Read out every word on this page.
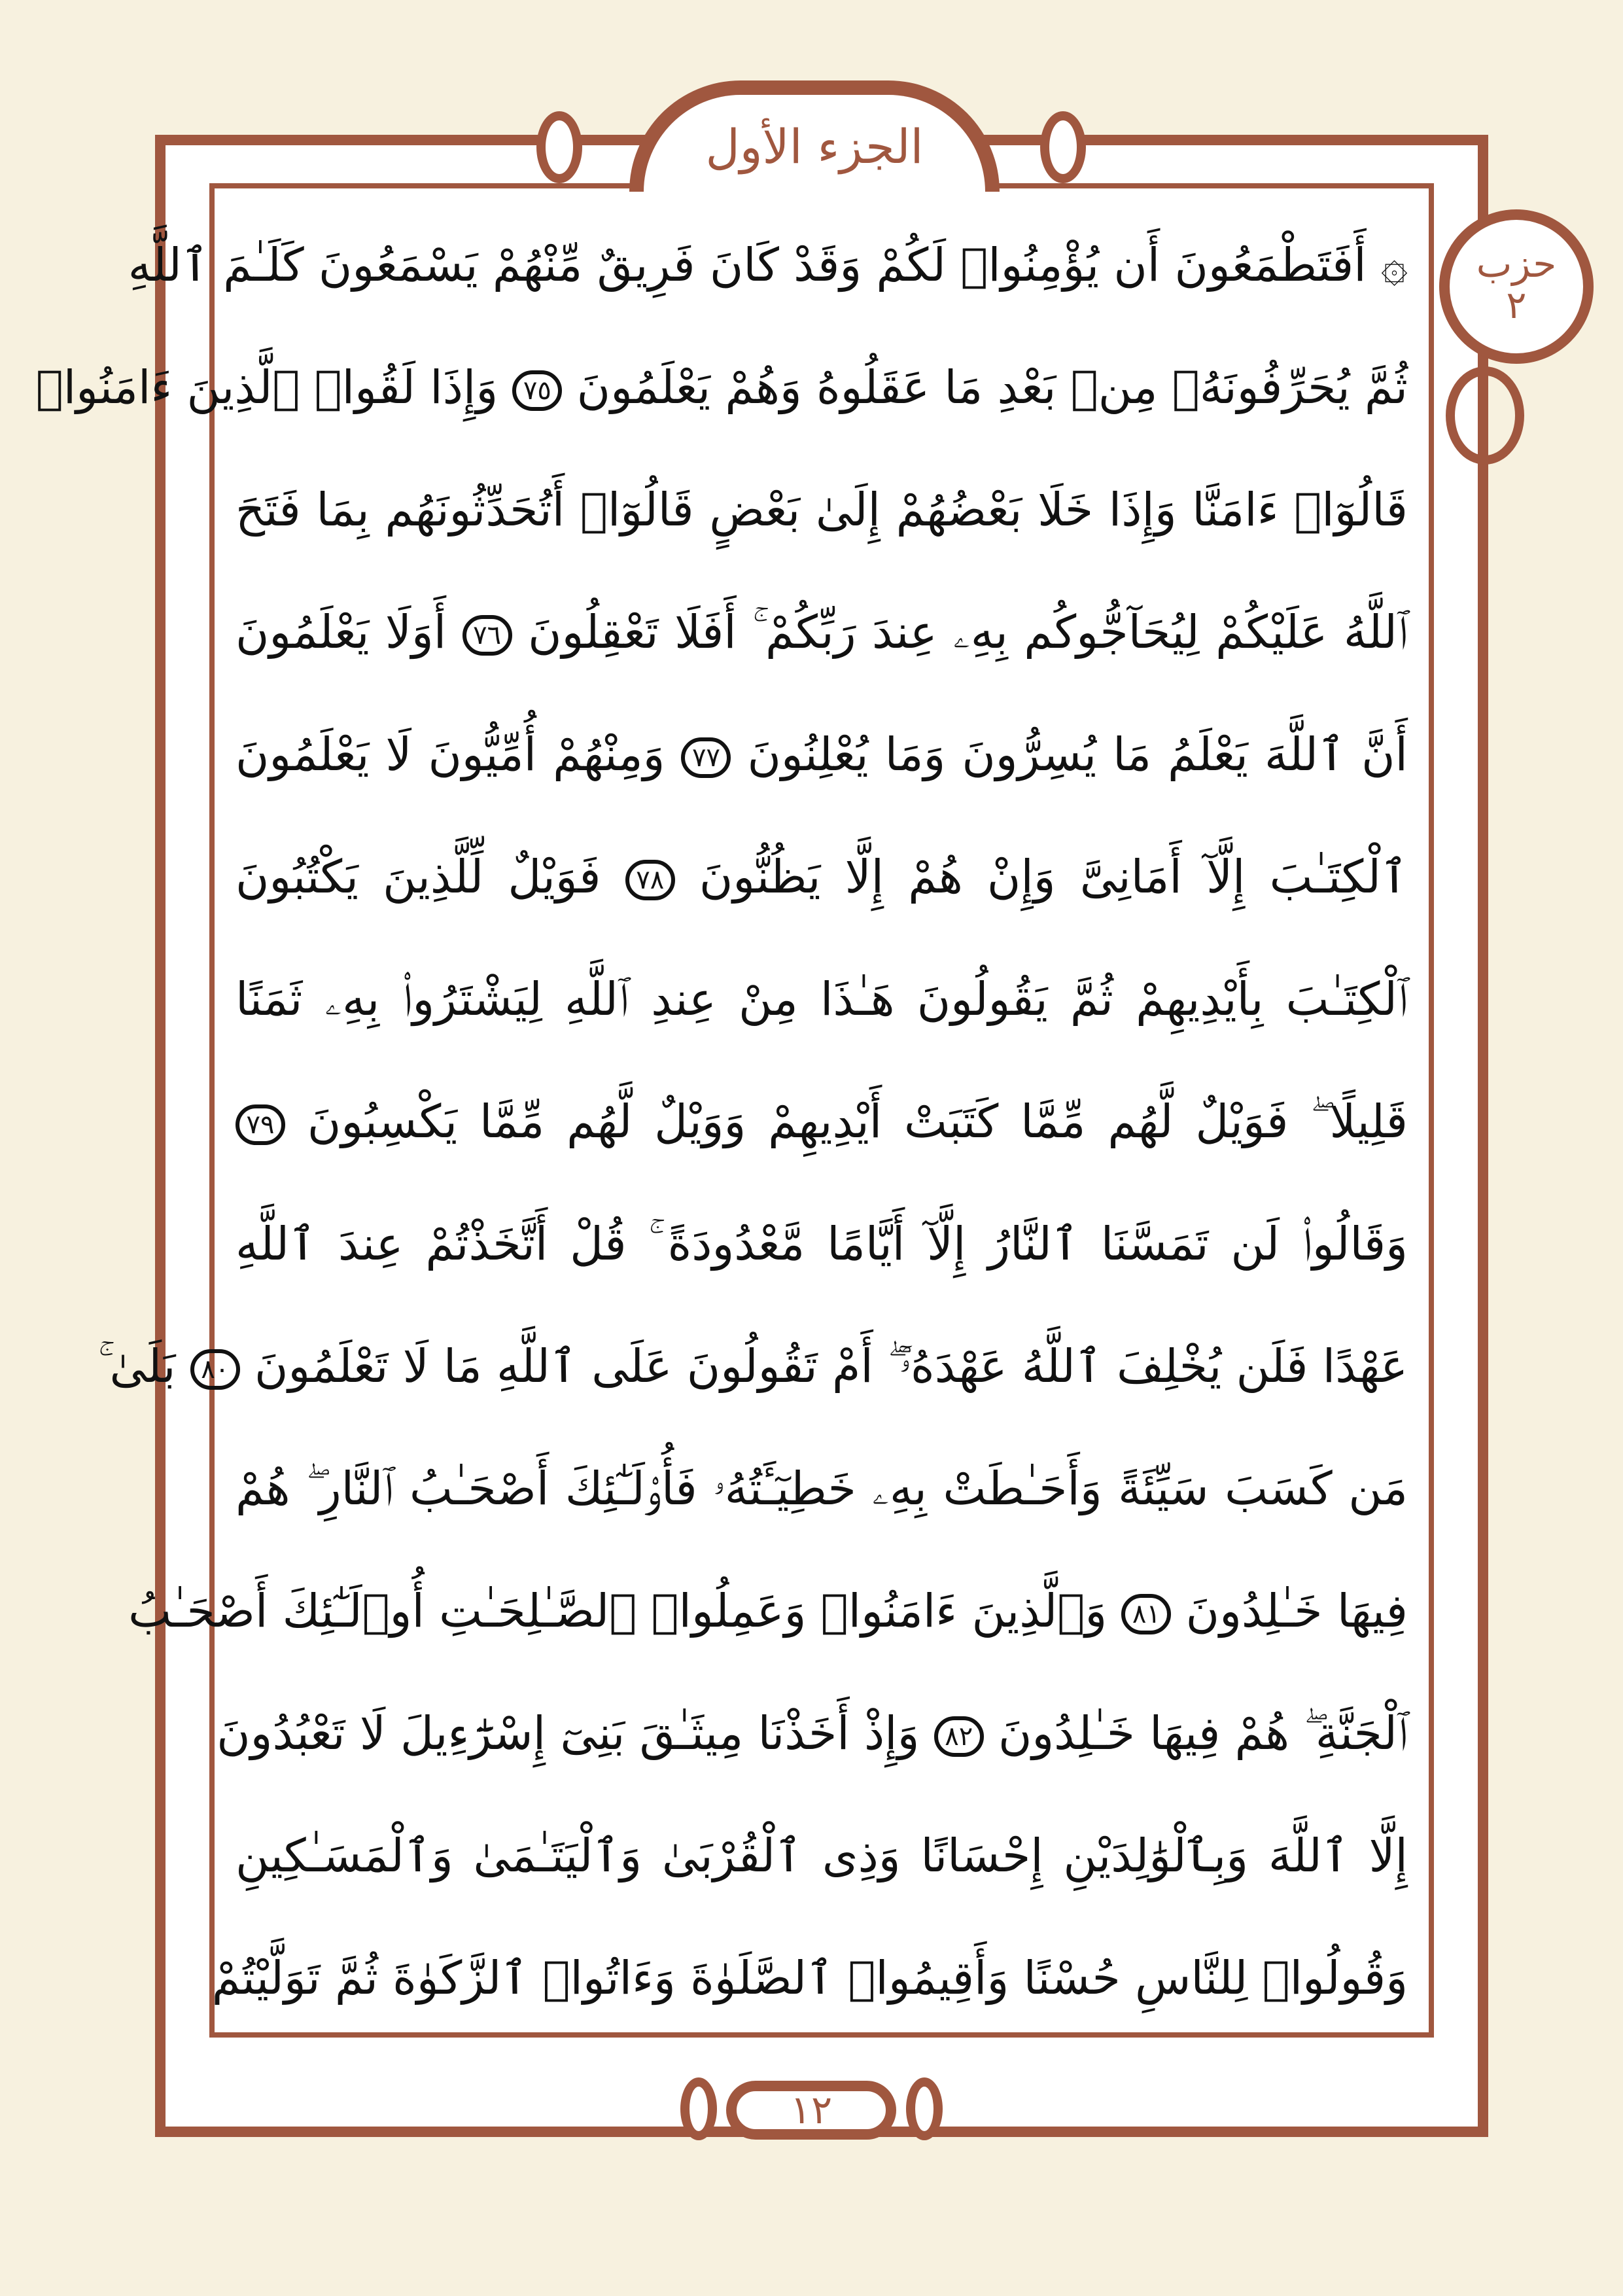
الجزء الأول
حزب
٢
۞ أَفَتَطْمَعُونَ أَن يُؤْمِنُوا۟ لَكُمْ وَقَدْ كَانَ فَرِيقٌ مِّنْهُمْ يَسْمَعُونَ كَلَـٰمَ ٱللَّهِ
ثُمَّ يُحَرِّفُونَهُۥ مِنۢ بَعْدِ مَا عَقَلُوهُ وَهُمْ يَعْلَمُونَ ٧٥ وَإِذَا لَقُوا۟ ٱلَّذِينَ ءَامَنُوا۟
قَالُوٓا۟ ءَامَنَّا وَإِذَا خَلَا بَعْضُهُمْ إِلَىٰ بَعْضٍ قَالُوٓا۟ أَتُحَدِّثُونَهُم بِمَا فَتَحَ
ٱللَّهُ عَلَيْكُمْ لِيُحَآجُّوكُم بِهِۦ عِندَ رَبِّكُمْ ۚ أَفَلَا تَعْقِلُونَ ٧٦ أَوَلَا يَعْلَمُونَ
أَنَّ ٱللَّهَ يَعْلَمُ مَا يُسِرُّونَ وَمَا يُعْلِنُونَ ٧٧ وَمِنْهُمْ أُمِّيُّونَ لَا يَعْلَمُونَ
ٱلْكِتَـٰبَ إِلَّآ أَمَانِىَّ وَإِنْ هُمْ إِلَّا يَظُنُّونَ ٧٨ فَوَيْلٌ لِّلَّذِينَ يَكْتُبُونَ
ٱلْكِتَـٰبَ بِأَيْدِيهِمْ ثُمَّ يَقُولُونَ هَـٰذَا مِنْ عِندِ ٱللَّهِ لِيَشْتَرُوا۟ بِهِۦ ثَمَنًا
قَلِيلًا ۖ فَوَيْلٌ لَّهُم مِّمَّا كَتَبَتْ أَيْدِيهِمْ وَوَيْلٌ لَّهُم مِّمَّا يَكْسِبُونَ ٧٩
وَقَالُوا۟ لَن تَمَسَّنَا ٱلنَّارُ إِلَّآ أَيَّامًا مَّعْدُودَةً ۚ قُلْ أَتَّخَذْتُمْ عِندَ ٱللَّهِ
عَهْدًا فَلَن يُخْلِفَ ٱللَّهُ عَهْدَهُۥٓ ۖ أَمْ تَقُولُونَ عَلَى ٱللَّهِ مَا لَا تَعْلَمُونَ ٨٠ بَلَىٰ ۚ
مَن كَسَبَ سَيِّئَةً وَأَحَـٰطَتْ بِهِۦ خَطِيٓـَٔتُهُۥ فَأُو۟لَـٰٓئِكَ أَصْحَـٰبُ ٱلنَّارِ ۖ هُمْ
فِيهَا خَـٰلِدُونَ ٨١ وَٱلَّذِينَ ءَامَنُوا۟ وَعَمِلُوا۟ ٱلصَّـٰلِحَـٰتِ أُو۟لَـٰٓئِكَ أَصْحَـٰبُ
ٱلْجَنَّةِ ۖ هُمْ فِيهَا خَـٰلِدُونَ ٨٢ وَإِذْ أَخَذْنَا مِيثَـٰقَ بَنِىٓ إِسْرَٰٓءِيلَ لَا تَعْبُدُونَ
إِلَّا ٱللَّهَ وَبِٱلْوَٰلِدَيْنِ إِحْسَانًا وَذِى ٱلْقُرْبَىٰ وَٱلْيَتَـٰمَىٰ وَٱلْمَسَـٰكِينِ
وَقُولُوا۟ لِلنَّاسِ حُسْنًا وَأَقِيمُوا۟ ٱلصَّلَوٰةَ وَءَاتُوا۟ ٱلزَّكَوٰةَ ثُمَّ تَوَلَّيْتُمْ
١٢
